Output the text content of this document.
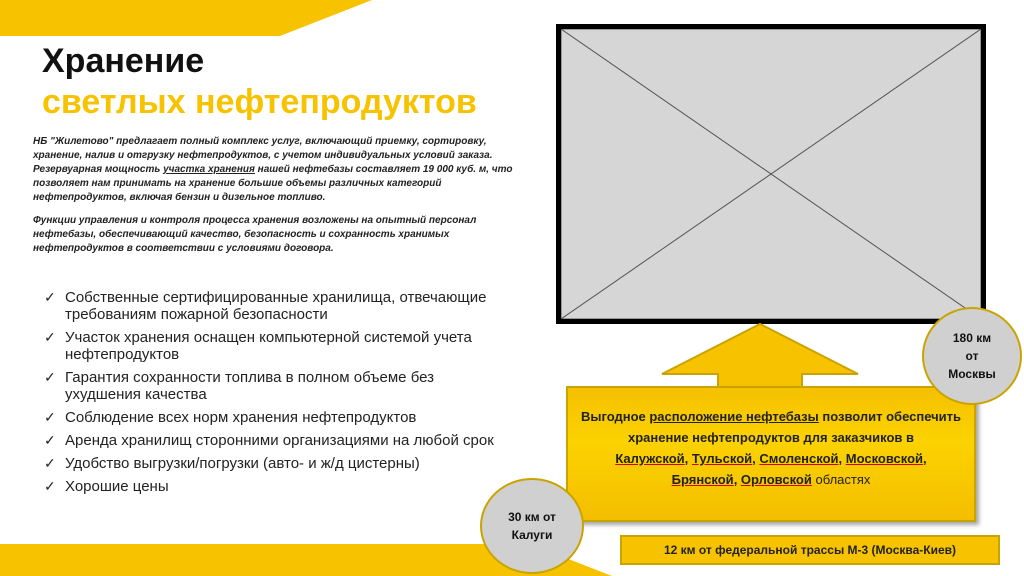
Хранение
светлых нефтепродуктов

НБ "Жилетово" предлагает полный комплекс услуг, включающий приемку, сортировку, хранение, налив и отгрузку нефтепродуктов, с учетом индивидуальных условий заказа. Резервуарная мощность участка хранения нашей нефтебазы составляет 19 000 куб. м, что позволяет нам принимать на хранение большие объемы различных категорий нефтепродуктов, включая бензин и дизельное топливо.

Функции управления и контроля процесса хранения возложены на опытный персонал нефтебазы, обеспечивающий качество, безопасность и сохранность хранимых нефтепродуктов в соответствии с условиями договора.

✓ Собственные сертифицированные хранилища, отвечающие требованиям пожарной безопасности
✓ Участок хранения оснащен компьютерной системой учета нефтепродуктов
✓ Гарантия сохранности топлива в полном объеме без ухудшения качества
✓ Соблюдение всех норм хранения нефтепродуктов
✓ Аренда хранилищ сторонними организациями на любой срок
✓ Удобство выгрузки/погрузки (авто- и ж/д цистерны)
✓ Хорошие цены
Выгодное расположение нефтебазы позволит обеспечить хранение нефтепродуктов для заказчиков в
Калужской, Тульской, Смоленской, Московской,
Брянской, Орловской областях
180 км
от
Москвы
30 км от
Калуги
12 км от федеральной трассы М-3 (Москва-Киев)
